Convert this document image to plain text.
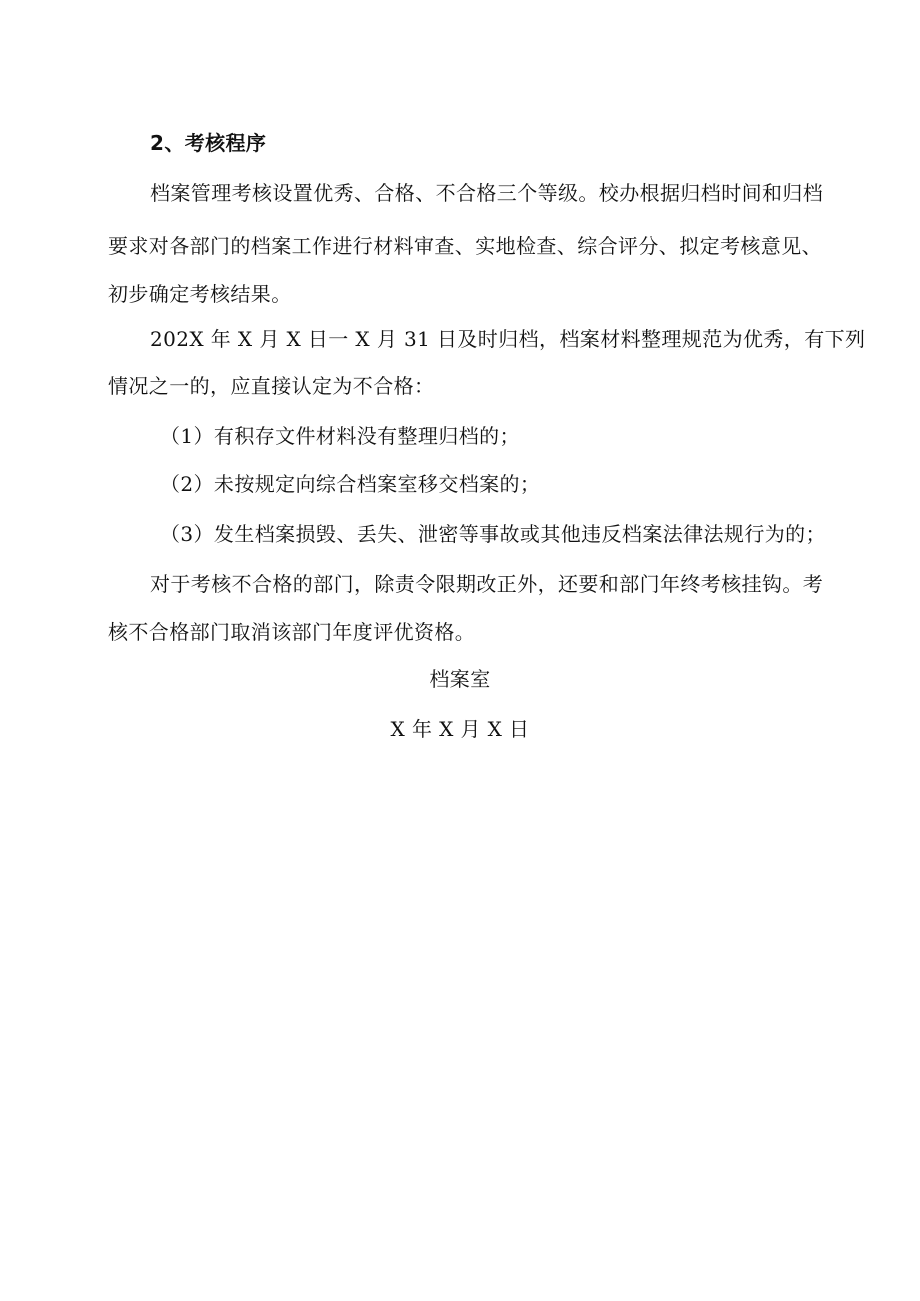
2、考核程序
档案管理考核设置优秀、合格、不合格三个等级。校办根据归档时间和归档
要求对各部门的档案工作进行材料审查、实地检查、综合评分、拟定考核意见、
初步确定考核结果。
202X 年 X 月 X 日一 X 月 31 日及时归档，档案材料整理规范为优秀，有下列
情况之一的，应直接认定为不合格：
（1）有积存文件材料没有整理归档的；
（2）未按规定向综合档案室移交档案的；
（3）发生档案损毁、丢失、泄密等事故或其他违反档案法律法规行为的；
对于考核不合格的部门，除责令限期改正外，还要和部门年终考核挂钩。考
核不合格部门取消该部门年度评优资格。
档案室
X 年 X 月 X 日
